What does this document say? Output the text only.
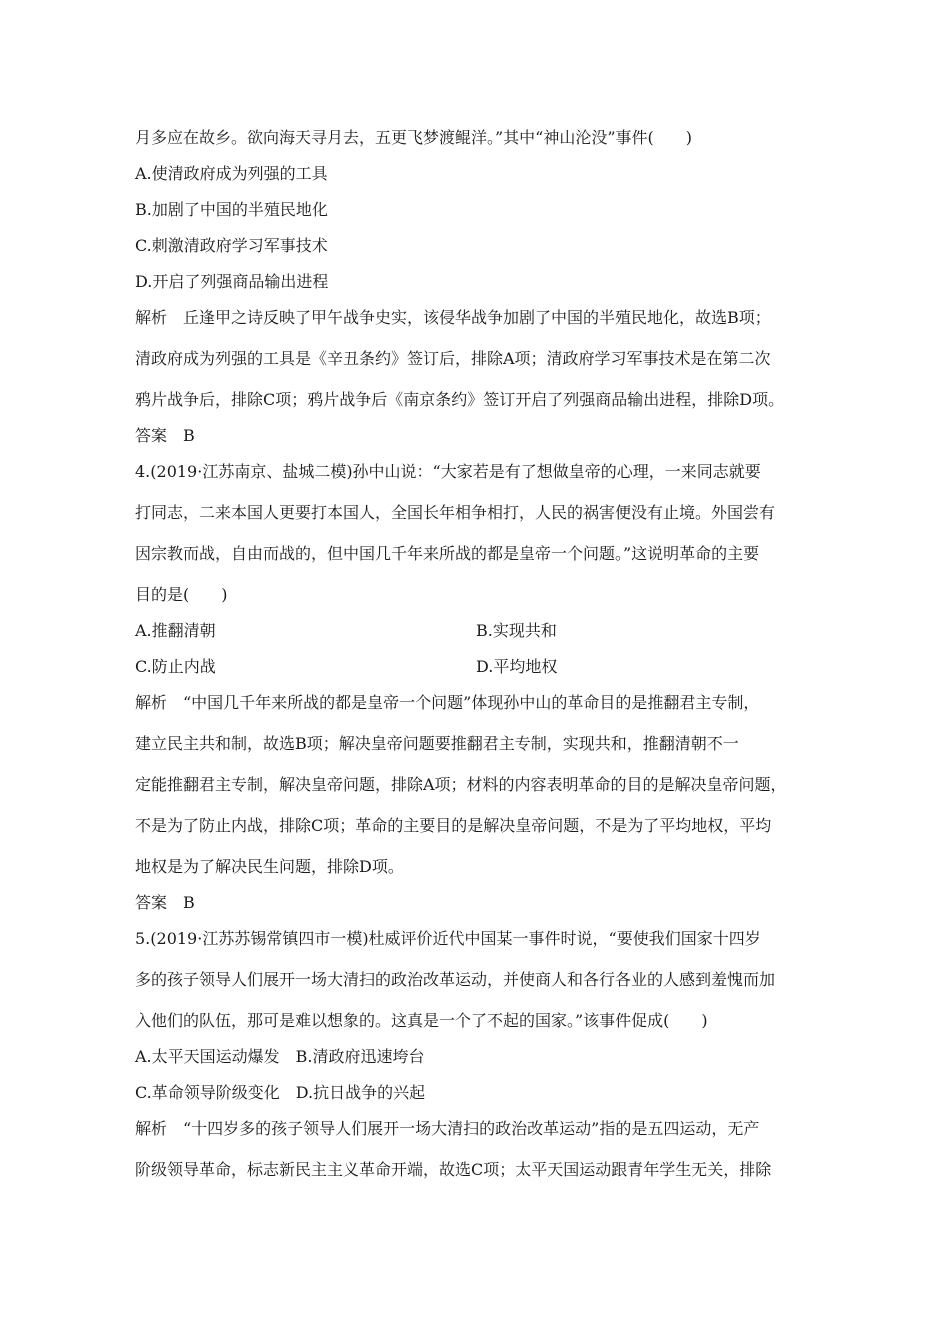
月多应在故乡。欲向海天寻月去，五更飞梦渡鲲洋。”其中“神山沦没”事件(　　)
A.使清政府成为列强的工具
B.加剧了中国的半殖民地化
C.刺激清政府学习军事技术
D.开启了列强商品输出进程
解析　丘逢甲之诗反映了甲午战争史实，该侵华战争加剧了中国的半殖民地化，故选B项；
清政府成为列强的工具是《辛丑条约》签订后，排除A项；清政府学习军事技术是在第二次
鸦片战争后，排除C项；鸦片战争后《南京条约》签订开启了列强商品输出进程，排除D项。
答案　B
4.(2019·江苏南京、盐城二模)孙中山说：“大家若是有了想做皇帝的心理，一来同志就要
打同志，二来本国人更要打本国人，全国长年相争相打，人民的祸害便没有止境。外国尝有
因宗教而战，自由而战的，但中国几千年来所战的都是皇帝一个问题。”这说明革命的主要
目的是(　　)
A.推翻清朝	B.实现共和
C.防止内战	D.平均地权
解析　“中国几千年来所战的都是皇帝一个问题”体现孙中山的革命目的是推翻君主专制，
建立民主共和制，故选B项；解决皇帝问题要推翻君主专制，实现共和，推翻清朝不一
定能推翻君主专制，解决皇帝问题，排除A项；材料的内容表明革命的目的是解决皇帝问题，
不是为了防止内战，排除C项；革命的主要目的是解决皇帝问题，不是为了平均地权，平均
地权是为了解决民生问题，排除D项。
答案　B
5.(2019·江苏苏锡常镇四市一模)杜威评价近代中国某一事件时说，“要使我们国家十四岁
多的孩子领导人们展开一场大清扫的政治改革运动，并使商人和各行各业的人感到羞愧而加
入他们的队伍，那可是难以想象的。这真是一个了不起的国家。”该事件促成(　　)
A.太平天国运动爆发　B.清政府迅速垮台
C.革命领导阶级变化　D.抗日战争的兴起
解析　“十四岁多的孩子领导人们展开一场大清扫的政治改革运动”指的是五四运动，无产
阶级领导革命，标志新民主主义革命开端，故选C项；太平天国运动跟青年学生无关，排除
